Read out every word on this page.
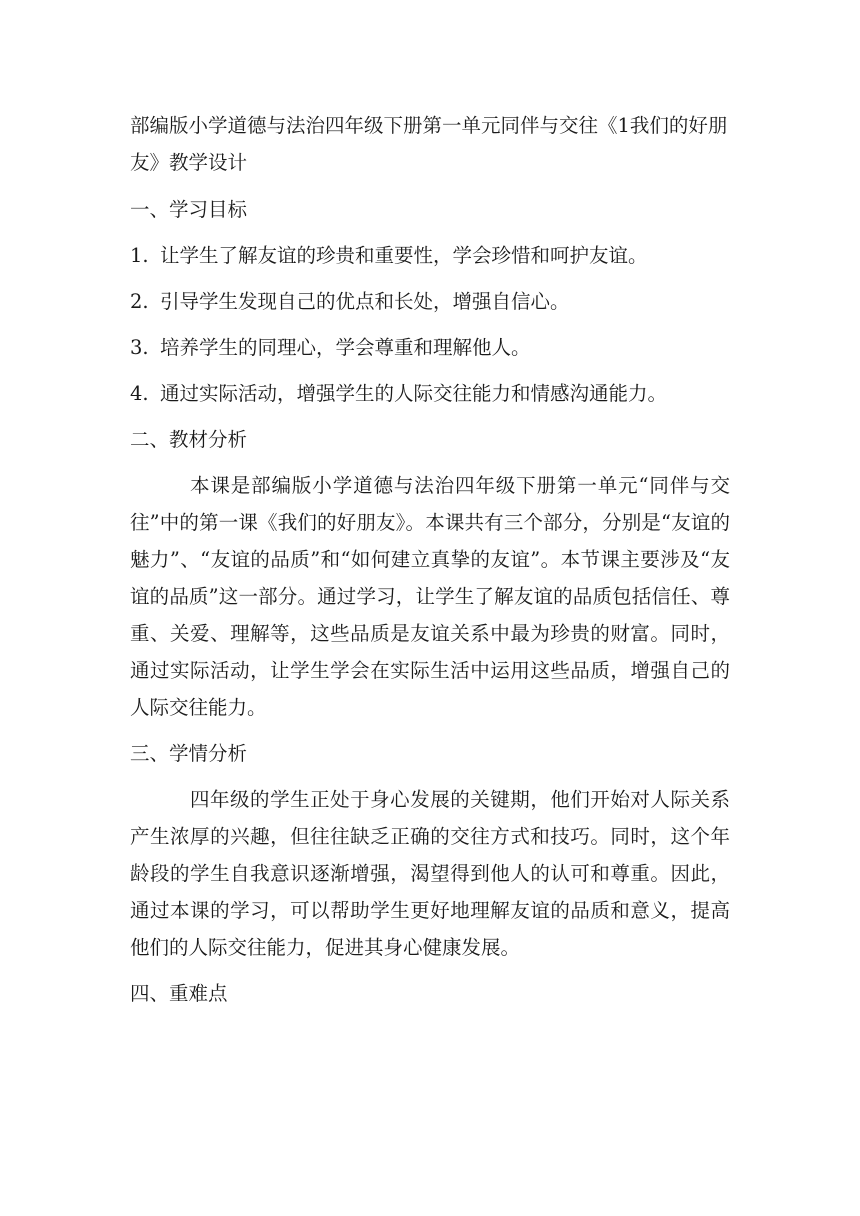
部编版小学道德与法治四年级下册第一单元同伴与交往《1我们的好朋友》教学设计

一、学习目标

1. 让学生了解友谊的珍贵和重要性，学会珍惜和呵护友谊。

2. 引导学生发现自己的优点和长处，增强自信心。

3. 培养学生的同理心，学会尊重和理解他人。

4. 通过实际活动，增强学生的人际交往能力和情感沟通能力。

二、教材分析

本课是部编版小学道德与法治四年级下册第一单元“同伴与交往”中的第一课《我们的好朋友》。本课共有三个部分，分别是“友谊的魅力”、“友谊的品质”和“如何建立真挚的友谊”。本节课主要涉及“友谊的品质”这一部分。通过学习，让学生了解友谊的品质包括信任、尊重、关爱、理解等，这些品质是友谊关系中最为珍贵的财富。同时，通过实际活动，让学生学会在实际生活中运用这些品质，增强自己的人际交往能力。

三、学情分析

四年级的学生正处于身心发展的关键期，他们开始对人际关系产生浓厚的兴趣，但往往缺乏正确的交往方式和技巧。同时，这个年龄段的学生自我意识逐渐增强，渴望得到他人的认可和尊重。因此，通过本课的学习，可以帮助学生更好地理解友谊的品质和意义，提高他们的人际交往能力，促进其身心健康发展。

四、重难点
